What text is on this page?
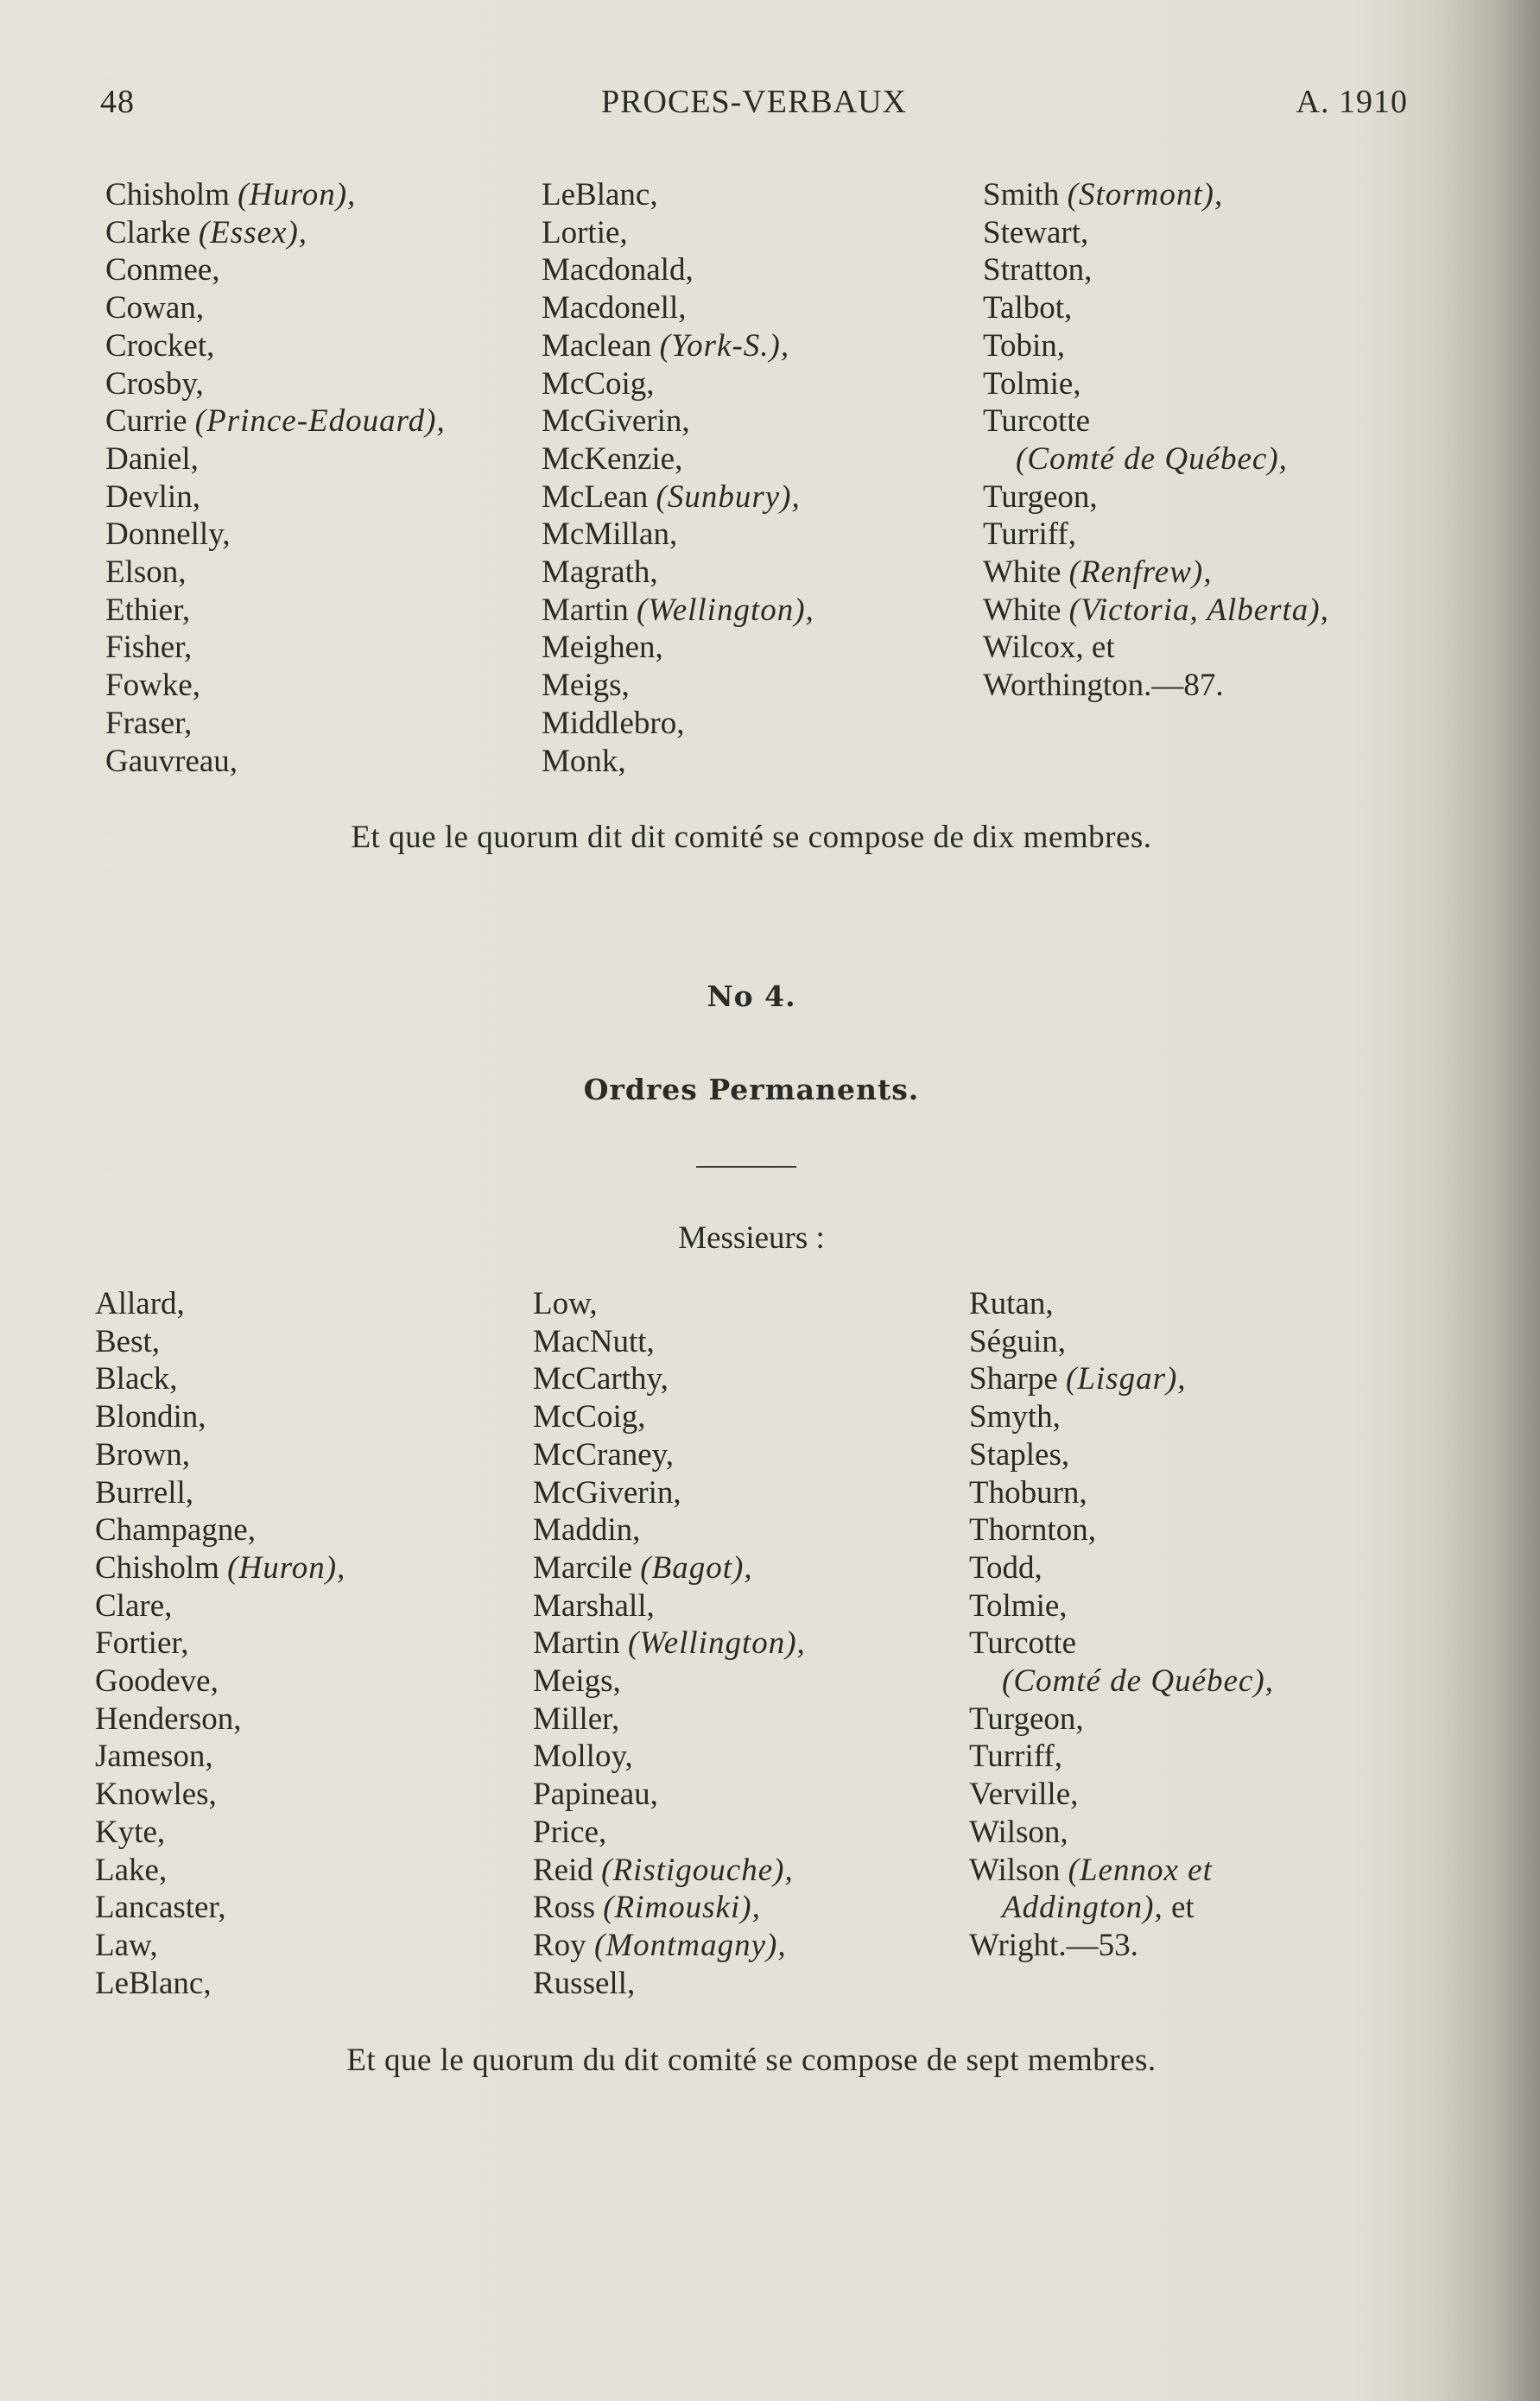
48	PROCES-VERBAUX	A. 1910
Chisholm (Huron),
Clarke (Essex),
Conmee,
Cowan,
Crocket,
Crosby,
Currie (Prince-Edouard),
Daniel,
Devlin,
Donnelly,
Elson,
Ethier,
Fisher,
Fowke,
Fraser,
Gauvreau,
LeBlanc,
Lortie,
Macdonald,
Macdonell,
Maclean (York-S.),
McCoig,
McGiverin,
McKenzie,
McLean (Sunbury),
McMillan,
Magrath,
Martin (Wellington),
Meighen,
Meigs,
Middlebro,
Monk,
Smith (Stormont),
Stewart,
Stratton,
Talbot,
Tobin,
Tolmie,
Turcotte
(Comté de Québec),
Turgeon,
Turriff,
White (Renfrew),
White (Victoria, Alberta),
Wilcox, et
Worthington.—87.
Et que le quorum dit dit comité se compose de dix membres.
No 4.
Ordres Permanents.
Messieurs :
Allard,
Best,
Black,
Blondin,
Brown,
Burrell,
Champagne,
Chisholm (Huron),
Clare,
Fortier,
Goodeve,
Henderson,
Jameson,
Knowles,
Kyte,
Lake,
Lancaster,
Law,
LeBlanc,
Low,
MacNutt,
McCarthy,
McCoig,
McCraney,
McGiverin,
Maddin,
Marcile (Bagot),
Marshall,
Martin (Wellington),
Meigs,
Miller,
Molloy,
Papineau,
Price,
Reid (Ristigouche),
Ross (Rimouski),
Roy (Montmagny),
Russell,
Rutan,
Séguin,
Sharpe (Lisgar),
Smyth,
Staples,
Thoburn,
Thornton,
Todd,
Tolmie,
Turcotte
(Comté de Québec),
Turgeon,
Turriff,
Verville,
Wilson,
Wilson (Lennox et
Addington), et
Wright.—53.
Et que le quorum du dit comité se compose de sept membres.
